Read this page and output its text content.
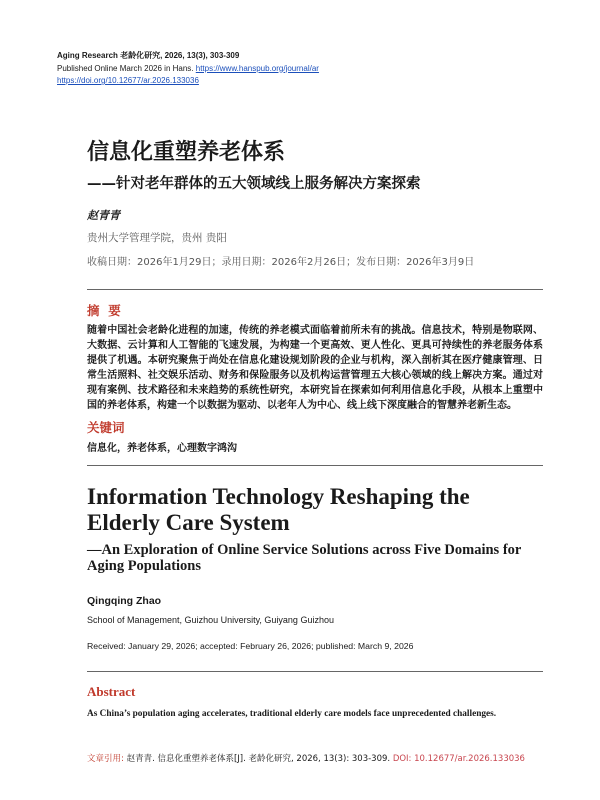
Aging Research 老龄化研究, 2026, 13(3), 303-309
Published Online March 2026 in Hans. https://www.hanspub.org/journal/ar
https://doi.org/10.12677/ar.2026.133036
信息化重塑养老体系
——针对老年群体的五大领域线上服务解决方案探索
赵青青
贵州大学管理学院，贵州 贵阳
收稿日期：2026年1月29日；录用日期：2026年2月26日；发布日期：2026年3月9日
摘  要
随着中国社会老龄化进程的加速，传统的养老模式面临着前所未有的挑战。信息技术，特别是物联网、大数据、云计算和人工智能的飞速发展，为构建一个更高效、更人性化、更具可持续性的养老服务体系提供了机遇。本研究聚焦于尚处在信息化建设规划阶段的企业与机构，深入剖析其在医疗健康管理、日常生活照料、社交娱乐活动、财务和保险服务以及机构运营管理五大核心领域的线上解决方案。通过对现有案例、技术路径和未来趋势的系统性研究，本研究旨在探索如何利用信息化手段，从根本上重塑中国的养老体系，构建一个以数据为驱动、以老年人为中心、线上线下深度融合的智慧养老新生态。
关键词
信息化，养老体系，心理数字鸿沟
Information Technology Reshaping the
Elderly Care System
—An Exploration of Online Service Solutions across Five Domains for
Aging Populations
Qingqing Zhao
School of Management, Guizhou University, Guiyang Guizhou
Received: January 29, 2026; accepted: February 26, 2026; published: March 9, 2026
Abstract
As China’s population aging accelerates, traditional elderly care models face unprecedented challenges.
文章引用: 赵青青. 信息化重塑养老体系[J]. 老龄化研究, 2026, 13(3): 303-309. DOI: 10.12677/ar.2026.133036
